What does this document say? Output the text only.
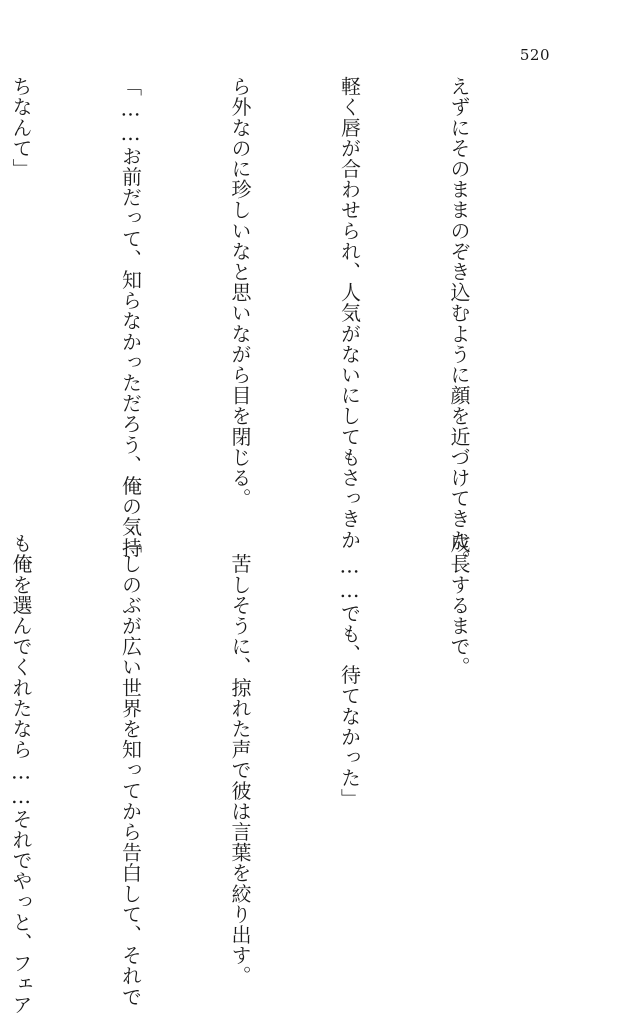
520

えずにそのままのぞき込むように顔を近づけてきた。

軽く唇が合わせられ、人気がないにしてもさっきか

ら外なのに珍しいなと思いながら目を閉じる。

「……お前だって、知らなかっただろう、俺の気持

ちなんて」

成長するまで。

　……でも、待てなかった」

　苦しそうに、掠れた声で彼は言葉を絞り出す。

「しのぶが広い世界を知ってから告白して、それで

も俺を選んでくれたなら……それでやっと、フェア
